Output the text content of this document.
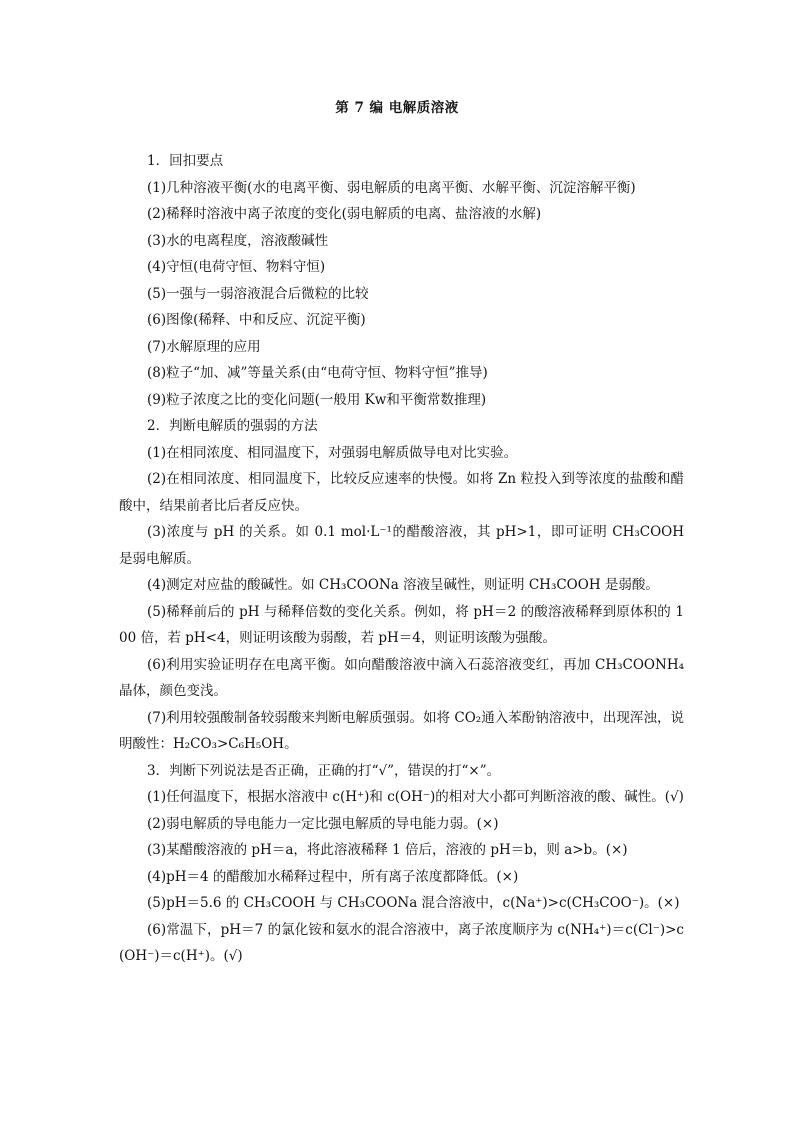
第 7 编 电解质溶液

1．回扣要点

(1)几种溶液平衡(水的电离平衡、弱电解质的电离平衡、水解平衡、沉淀溶解平衡)

(2)稀释时溶液中离子浓度的变化(弱电解质的电离、盐溶液的水解)

(3)水的电离程度，溶液酸碱性

(4)守恒(电荷守恒、物料守恒)

(5)一强与一弱溶液混合后微粒的比较

(6)图像(稀释、中和反应、沉淀平衡)

(7)水解原理的应用

(8)粒子“加、减”等量关系(由“电荷守恒、物料守恒”推导)

(9)粒子浓度之比的变化问题(一般用 Kw和平衡常数推理)

2．判断电解质的强弱的方法

(1)在相同浓度、相同温度下，对强弱电解质做导电对比实验。

(2)在相同浓度、相同温度下，比较反应速率的快慢。如将 Zn 粒投入到等浓度的盐酸和醋酸中，结果前者比后者反应快。

(3)浓度与 pH 的关系。如 0.1 mol·L⁻¹的醋酸溶液，其 pH>1，即可证明 CH₃COOH 是弱电解质。

(4)测定对应盐的酸碱性。如 CH₃COONa 溶液呈碱性，则证明 CH₃COOH 是弱酸。

(5)稀释前后的 pH 与稀释倍数的变化关系。例如，将 pH＝2 的酸溶液稀释到原体积的 100 倍，若 pH<4，则证明该酸为弱酸，若 pH＝4，则证明该酸为强酸。

(6)利用实验证明存在电离平衡。如向醋酸溶液中滴入石蕊溶液变红，再加 CH₃COONH₄晶体，颜色变浅。

(7)利用较强酸制备较弱酸来判断电解质强弱。如将 CO₂通入苯酚钠溶液中，出现浑浊，说明酸性：H₂CO₃>C₆H₅OH。

3．判断下列说法是否正确，正确的打“√”，错误的打“×”。

(1)任何温度下，根据水溶液中 c(H⁺)和 c(OH⁻)的相对大小都可判断溶液的酸、碱性。(√)

(2)弱电解质的导电能力一定比强电解质的导电能力弱。(×)

(3)某醋酸溶液的 pH＝a，将此溶液稀释 1 倍后，溶液的 pH＝b，则 a>b。(×)

(4)pH＝4 的醋酸加水稀释过程中，所有离子浓度都降低。(×)

(5)pH＝5.6 的 CH₃COOH 与 CH₃COONa 混合溶液中，c(Na⁺)>c(CH₃COO⁻)。(×)

(6)常温下，pH＝7 的氯化铵和氨水的混合溶液中，离子浓度顺序为 c(NH₄⁺)＝c(Cl⁻)>c(OH⁻)＝c(H⁺)。(√)
